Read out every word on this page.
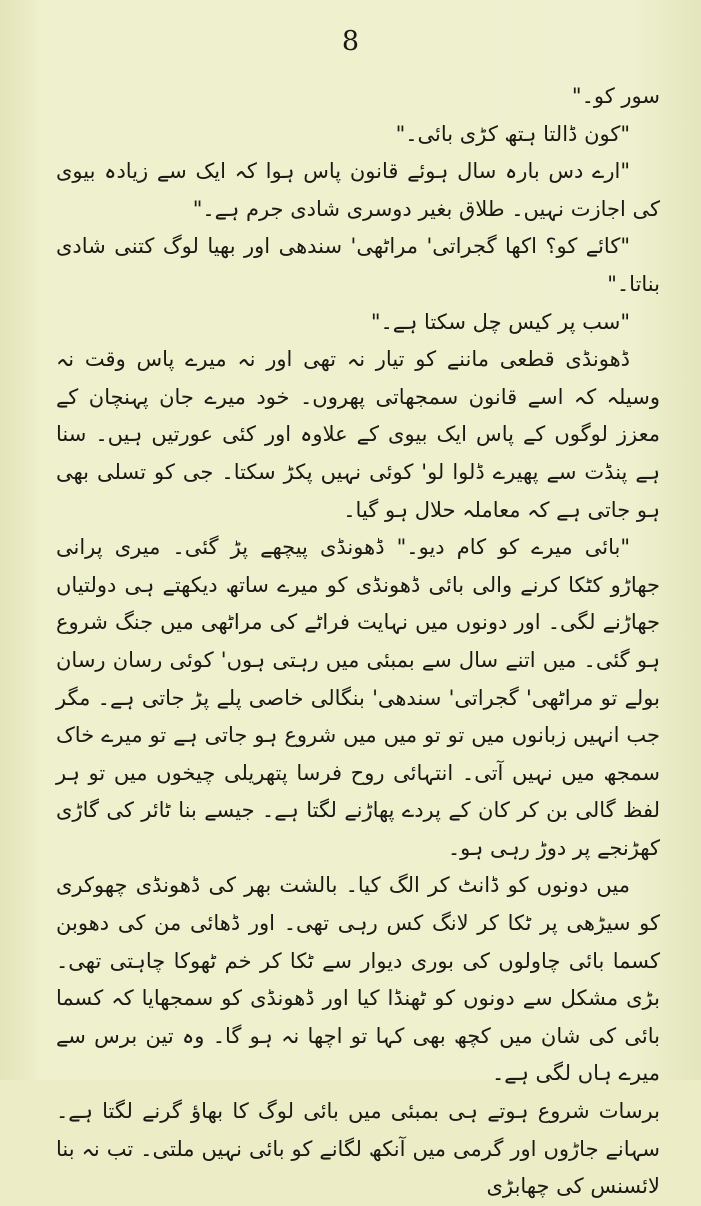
8

سور کو۔"

"کون ڈالتا ہتھ کڑی بائی۔"

"ارے دس بارہ سال ہوئے قانون پاس ہوا کہ ایک سے زیادہ بیوی کی اجازت نہیں۔ طلاق بغیر دوسری شادی جرم ہے۔"

"کائے کو؟ اکھا گجراتی' مراٹھی' سندھی اور بھیا لوگ کتنی شادی بناتا۔"

"سب پر کیس چل سکتا ہے۔"

ڈھونڈی قطعی ماننے کو تیار نہ تھی اور نہ میرے پاس وقت نہ وسیلہ کہ اسے قانون سمجھاتی پھروں۔ خود میرے جان پہنچان کے معزز لوگوں کے پاس ایک بیوی کے علاوہ اور کئی عورتیں ہیں۔ سنا ہے پنڈت سے پھیرے ڈلوا لو' کوئی نہیں پکڑ سکتا۔ جی کو تسلی بھی ہو جاتی ہے کہ معاملہ حلال ہو گیا۔

"بائی میرے کو کام دیو۔" ڈھونڈی پیچھے پڑ گئی۔ میری پرانی جھاڑو کٹکا کرنے والی بائی ڈھونڈی کو میرے ساتھ دیکھتے ہی دولتیاں جھاڑنے لگی۔ اور دونوں میں نہایت فراٹے کی مراٹھی میں جنگ شروع ہو گئی۔ میں اتنے سال سے بمبئی میں رہتی ہوں' کوئی رسان رسان بولے تو مراٹھی' گجراتی' سندھی' بنگالی خاصی پلے پڑ جاتی ہے۔ مگر جب انہیں زبانوں میں تو تو میں میں شروع ہو جاتی ہے تو میرے خاک سمجھ میں نہیں آتی۔ انتہائی روح فرسا پتھریلی چیخوں میں تو ہر لفظ گالی بن کر کان کے پردے پھاڑنے لگتا ہے۔ جیسے بنا ٹائر کی گاڑی کھڑنجے پر دوڑ رہی ہو۔

میں دونوں کو ڈانٹ کر الگ کیا۔ بالشت بھر کی ڈھونڈی چھوکری کو سیڑھی پر ٹکا کر لانگ کس رہی تھی۔ اور ڈھائی من کی دھوبن کسما بائی چاولوں کی بوری دیوار سے ٹکا کر خم ٹھوکا چاہتی تھی۔ بڑی مشکل سے دونوں کو ٹھنڈا کیا اور ڈھونڈی کو سمجھایا کہ کسما بائی کی شان میں کچھ بھی کہا تو اچھا نہ ہو گا۔ وہ تین برس سے میرے ہاں لگی ہے۔

برسات شروع ہوتے ہی بمبئی میں بائی لوگ کا بھاؤ گرنے لگتا ہے۔ سہانے جاڑوں اور گرمی میں آنکھ لگانے کو بائی نہیں ملتی۔ تب نہ بنا لائسنس کی چھابڑی
